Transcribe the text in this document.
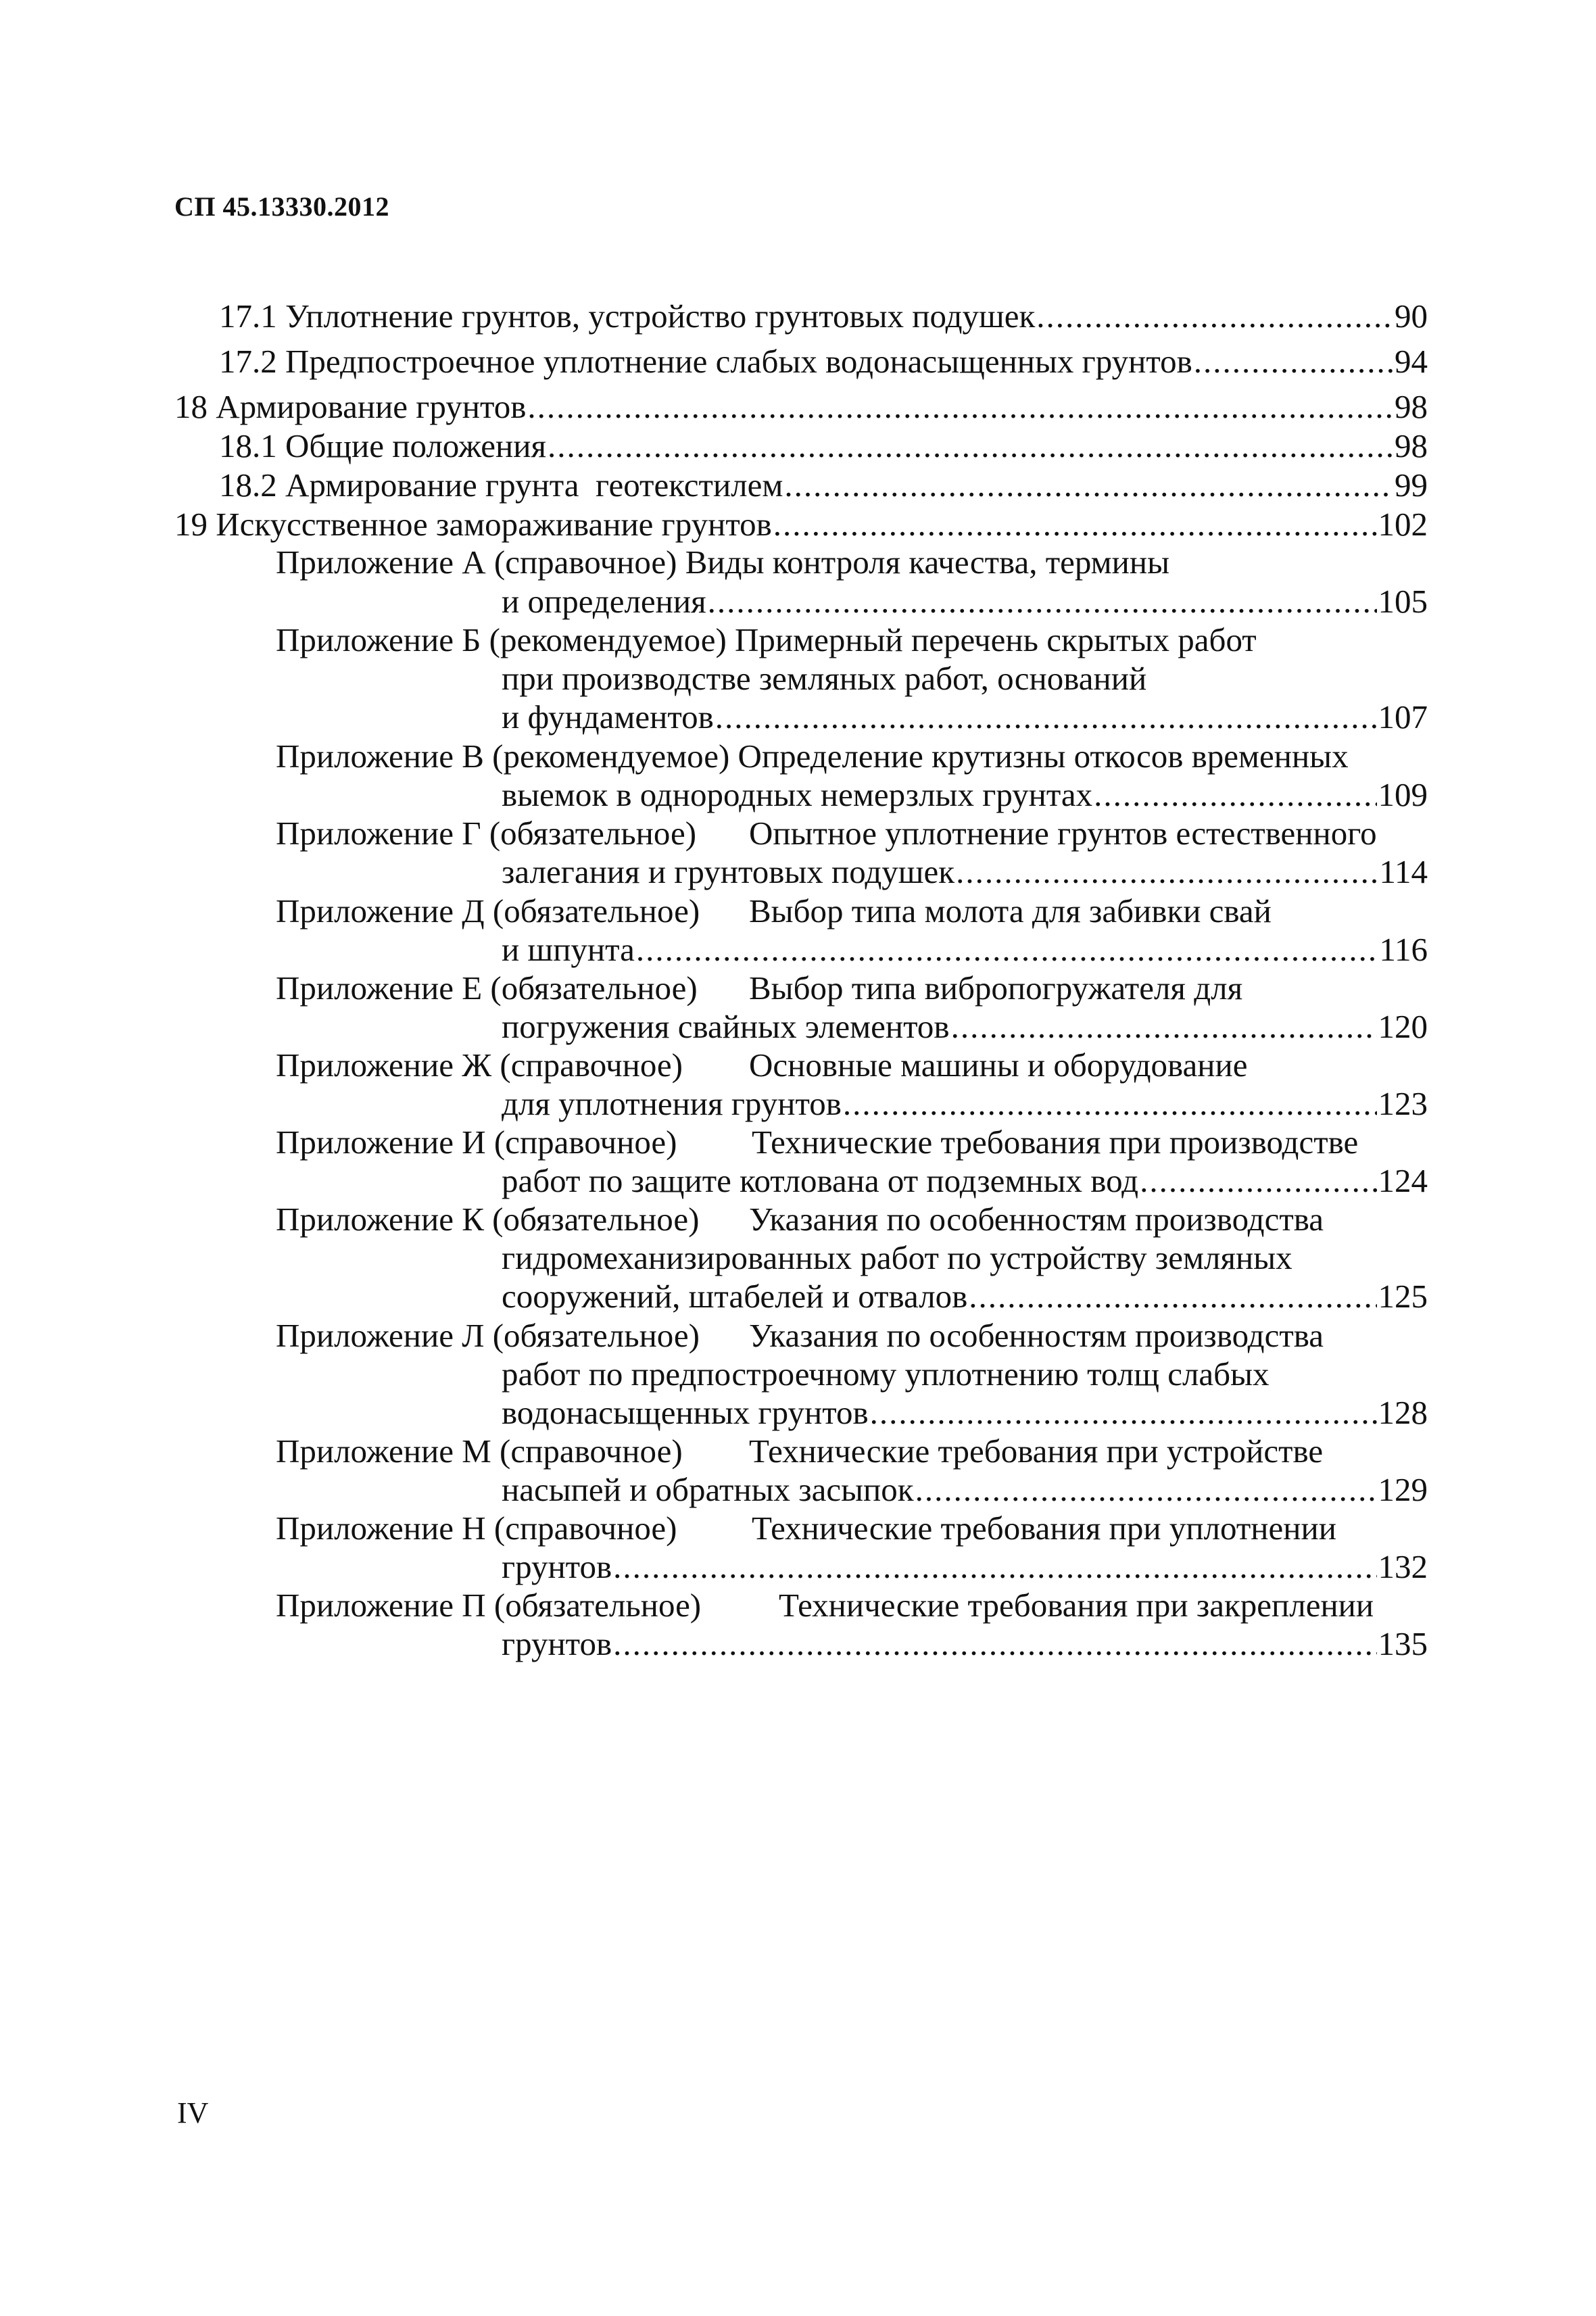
СП 45.13330.2012
17.1 Уплотнение грунтов, устройство грунтовых подушек .....	90
17.2 Предпостроечное уплотнение слабых водонасыщенных грунтов .....	94
18 Армирование грунтов .....	98
18.1 Общие положения .....	98
18.2 Армирование грунта  геотекстилем .....	99
19 Искусственное замораживание грунтов .....	102
Приложение А (справочное) Виды контроля качества, термины
и определения .....	105
Приложение Б (рекомендуемое) Примерный перечень скрытых работ
при производстве земляных работ, оснований
и фундаментов .....	107
Приложение В (рекомендуемое) Определение крутизны откосов временных
выемок в однородных немерзлых грунтах .....	109
Приложение Г (обязательное) Опытное уплотнение грунтов естественного
залегания и грунтовых подушек .....	114
Приложение Д (обязательное) Выбор типа молота для забивки свай
и шпунта .....	116
Приложение Е (обязательное) Выбор типа вибропогружателя для
погружения свайных элементов .....	120
Приложение Ж (справочное) Основные машины и оборудование
для уплотнения грунтов .....	123
Приложение И (справочное) Технические требования при производстве
работ по защите котлована от подземных вод .....	124
Приложение К (обязательное) Указания по особенностям производства
гидромеханизированных работ по устройству земляных
сооружений, штабелей и отвалов .....	125
Приложение Л (обязательное) Указания по особенностям производства
работ по предпостроечному уплотнению толщ слабых
водонасыщенных грунтов .....	128
Приложение М (справочное) Технические требования при устройстве
насыпей и обратных засыпок .....	129
Приложение Н (справочное) Технические требования при уплотнении
грунтов .....	132
Приложение П (обязательное) Технические требования при закреплении
грунтов .....	135
IV
